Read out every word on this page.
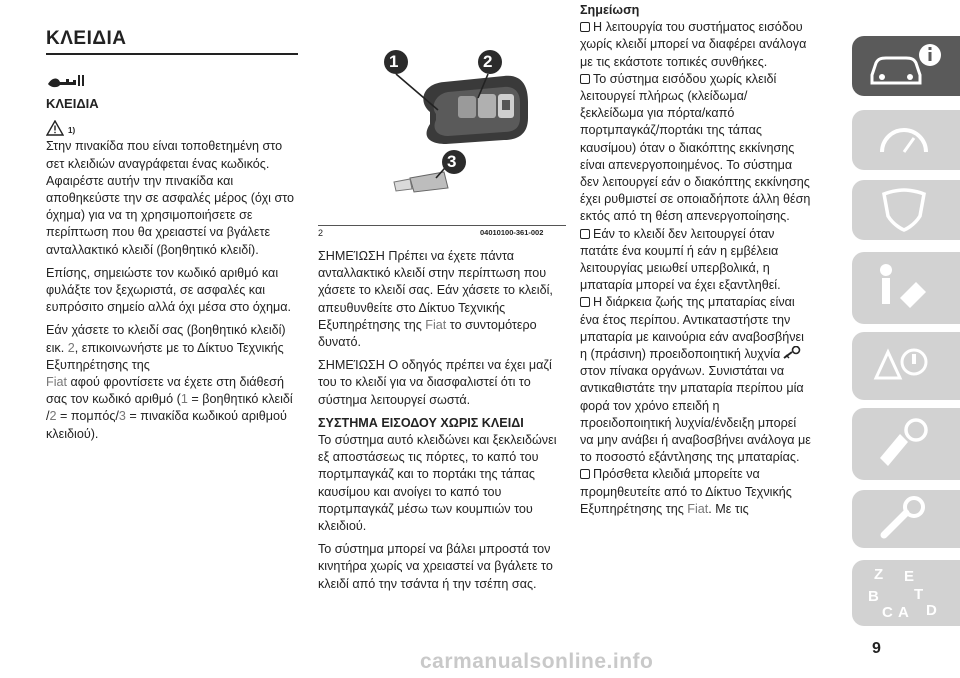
ΚΛΕΙΔΙΑ
ΚΛΕΙΔΙΑ
1)

Στην πινακίδα που είναι τοποθετημένη στο σετ κλειδιών αναγράφεται ένας κωδικός. Αφαιρέστε αυτήν την πινακίδα και αποθηκεύστε την σε ασφαλές μέρος (όχι στο όχημα) για να τη χρησιμοποιήσετε σε περίπτωση που θα χρειαστεί να βγάλετε ανταλλακτικό κλειδί (βοηθητικό κλειδί).

Επίσης, σημειώστε τον κωδικό αριθμό και φυλάξτε τον ξεχωριστά, σε ασφαλές και ευπρόσιτο σημείο αλλά όχι μέσα στο όχημα.

Εάν χάσετε το κλειδί σας (βοηθητικό κλειδί) εικ. 2, επικοινωνήστε με το Δίκτυο Τεχνικής Εξυπηρέτησης της
Fiat αφού φροντίσετε να έχετε στη διάθεσή σας τον κωδικό αριθμό (1 = βοηθητικό κλειδί /2 = πομπός/3 = πινακίδα κωδικού αριθμού κλειδιού).

1	2
3
2	04010100-361-002

ΣΗΜΕΊΩΣΗ Πρέπει να έχετε πάντα ανταλλακτικό κλειδί στην περίπτωση που χάσετε το κλειδί σας. Εάν χάσετε το κλειδί, απευθυνθείτε στο Δίκτυο Τεχνικής Εξυπηρέτησης της Fiat το συντομότερο δυνατό.

ΣΗΜΕΊΩΣΗ Ο οδηγός πρέπει να έχει μαζί του το κλειδί για να διασφαλιστεί ότι το σύστημα λειτουργεί σωστά.

ΣΥΣΤΗΜΑ ΕΙΣΟΔΟΥ ΧΩΡΙΣ ΚΛΕΙΔΙ

Το σύστημα αυτό κλειδώνει και ξεκλειδώνει εξ αποστάσεως τις πόρτες, το καπό του πορτμπαγκάζ και το πορτάκι της τάπας καυσίμου και ανοίγει το καπό του πορτμπαγκάζ μέσω των κουμπιών του κλειδιού.

Το σύστημα μπορεί να βάλει μπροστά τον κινητήρα χωρίς να χρειαστεί να βγάλετε το κλειδί από την τσάντα ή την τσέπη σας.

Σημείωση

Η λειτουργία του συστήματος εισόδου χωρίς κλειδί μπορεί να διαφέρει ανάλογα με τις εκάστοτε τοπικές συνθήκες.

Το σύστημα εισόδου χωρίς κλειδί λειτουργεί πλήρως (κλείδωμα/ ξεκλείδωμα για πόρτα/καπό πορτμπαγκάζ/πορτάκι της τάπας καυσίμου) όταν ο διακόπτης εκκίνησης είναι απενεργοποιημένος. Το σύστημα δεν λειτουργεί εάν ο διακόπτης εκκίνησης έχει ρυθμιστεί σε οποιαδήποτε άλλη θέση εκτός από τη θέση απενεργοποίησης.

Εάν το κλειδί δεν λειτουργεί όταν πατάτε ένα κουμπί ή εάν η εμβέλεια λειτουργίας μειωθεί υπερβολικά, η μπαταρία μπορεί να έχει εξαντληθεί.

Η διάρκεια ζωής της μπαταρίας είναι ένα έτος περίπου. Αντικαταστήστε την μπαταρία με καινούρια εάν αναβοσβήνει η (πράσινη) προειδοποιητική λυχνίαστον πίνακα οργάνων. Συνιστάται να αντικαθιστάτε την μπαταρία περίπου μία φορά τον χρόνο επειδή η προειδοποιητική λυχνία/ένδειξη μπορεί να μην ανάβει ή αναβοσβήνει ανάλογα με το ποσοστό εξάντλησης της μπαταρίας.

Πρόσθετα κλειδιά μπορείτε να προμηθευτείτε από το Δίκτυο Τεχνικής Εξυπηρέτησης της Fiat. Με τις

Z E
B T
C D
A
9
carmanualsonline.info
